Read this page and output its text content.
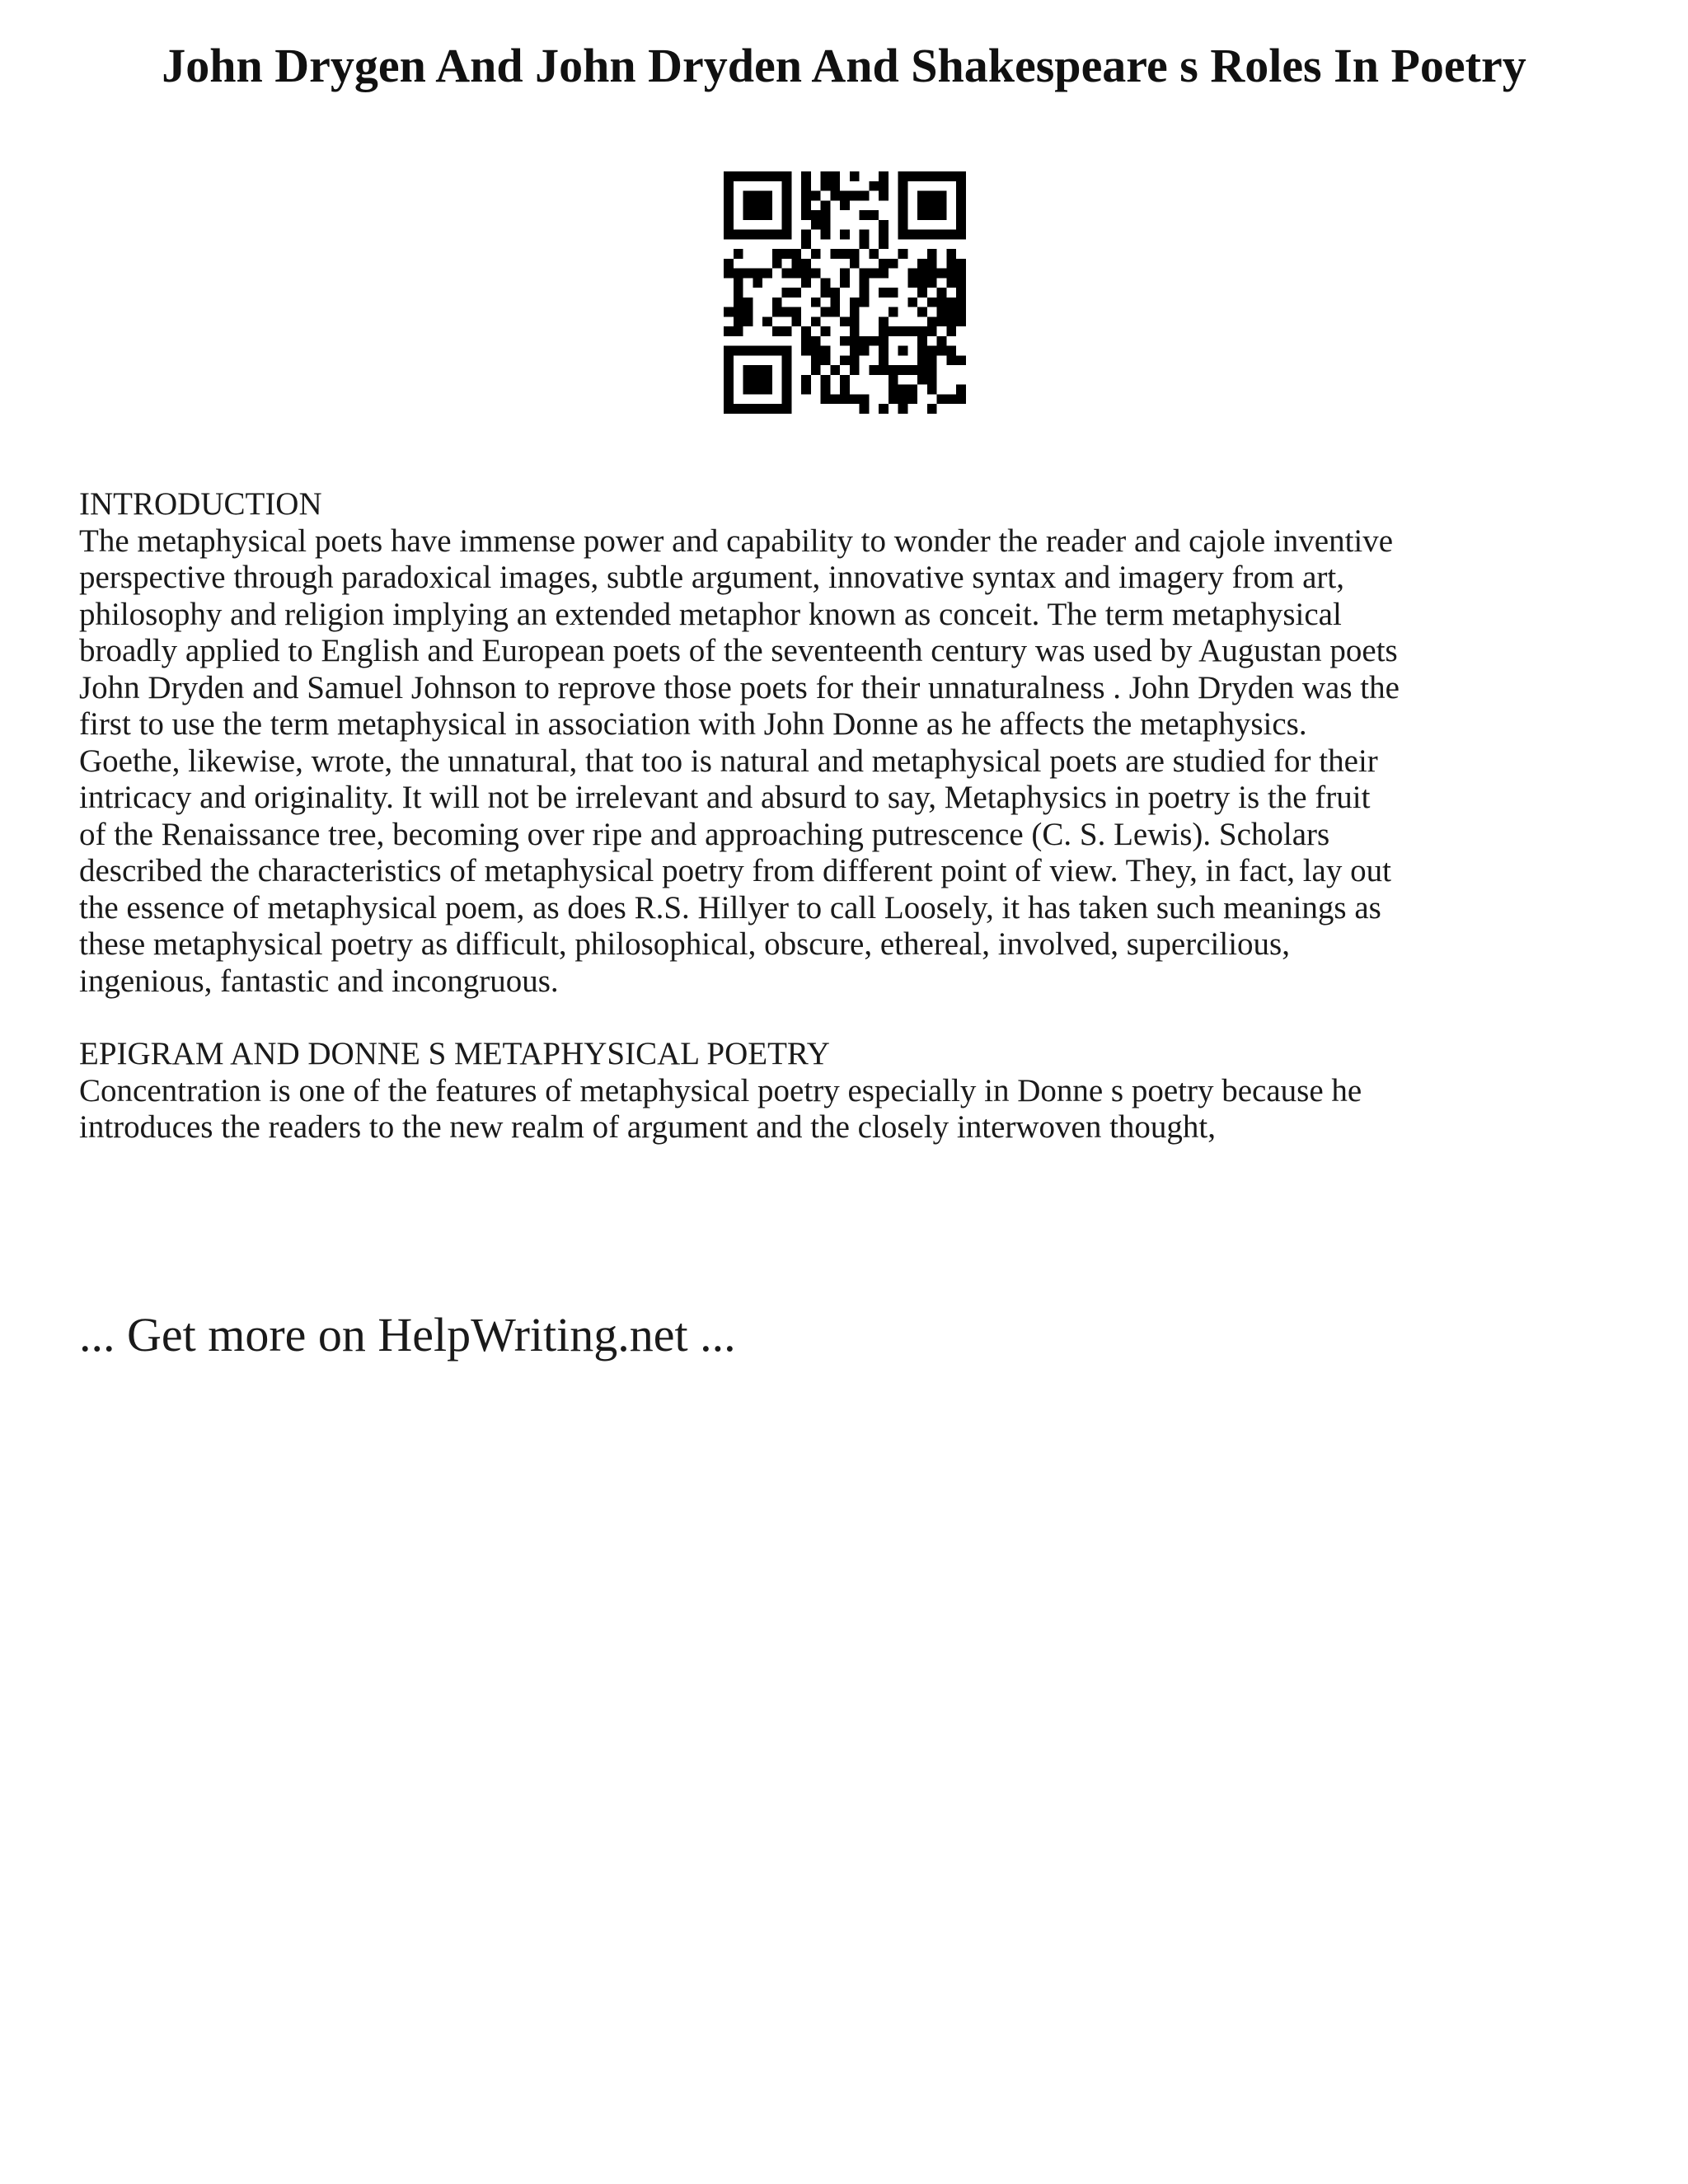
John Drygen And John Dryden And Shakespeare s Roles In Poetry
INTRODUCTION

The metaphysical poets have immense power and capability to wonder the reader and cajole inventive
perspective through paradoxical images, subtle argument, innovative syntax and imagery from art,
philosophy and religion implying an extended metaphor known as conceit. The term metaphysical
broadly applied to English and European poets of the seventeenth century was used by Augustan poets
John Dryden and Samuel Johnson to reprove those poets for their unnaturalness . John Dryden was the
first to use the term metaphysical in association with John Donne as he affects the metaphysics.
Goethe, likewise, wrote, the unnatural, that too is natural and metaphysical poets are studied for their
intricacy and originality. It will not be irrelevant and absurd to say, Metaphysics in poetry is the fruit
of the Renaissance tree, becoming over ripe and approaching putrescence (C. S. Lewis). Scholars
described the characteristics of metaphysical poetry from different point of view. They, in fact, lay out
the essence of metaphysical poem, as does R.S. Hillyer to call Loosely, it has taken such meanings as
these metaphysical poetry as difficult, philosophical, obscure, ethereal, involved, supercilious,
ingenious, fantastic and incongruous.

EPIGRAM AND DONNE S METAPHYSICAL POETRY

Concentration is one of the features of metaphysical poetry especially in Donne s poetry because he
introduces the readers to the new realm of argument and the closely interwoven thought,

... Get more on HelpWriting.net ...
